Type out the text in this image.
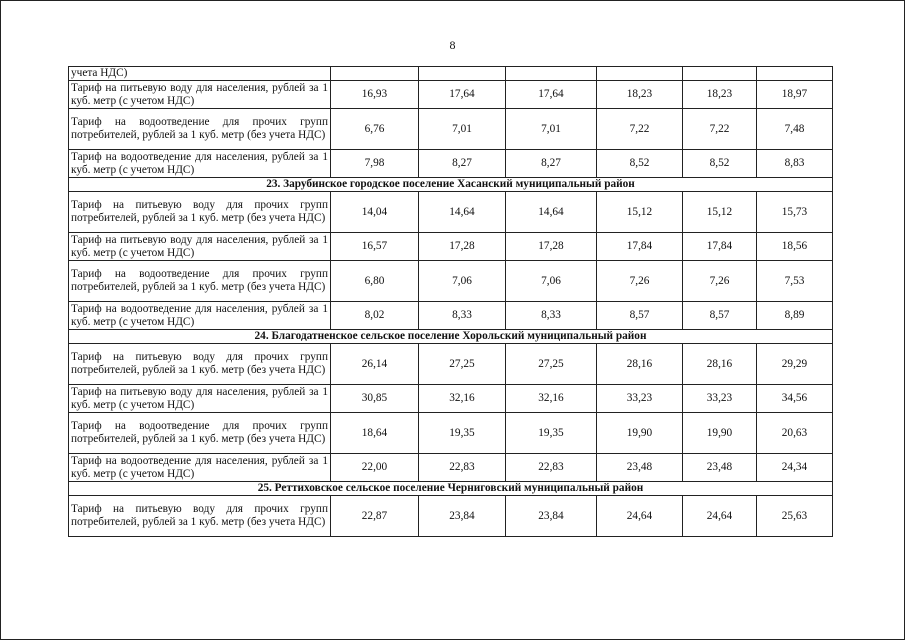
8
учета НДС)						
Тариф на питьевую воду для населения, рублей за 1 куб. метр (с учетом НДС)	16,93	17,64	17,64	18,23	18,23	18,97
Тариф на водоотведение для прочих групп потребителей, рублей за 1 куб. метр (без учета НДС)	6,76	7,01	7,01	7,22	7,22	7,48
Тариф на водоотведение для населения, рублей за 1 куб. метр (с учетом НДС)	7,98	8,27	8,27	8,52	8,52	8,83
23. Зарубинское городское поселение Хасанский муниципальный район						
Тариф на питьевую воду для прочих групп потребителей, рублей за 1 куб. метр (без учета НДС)	14,04	14,64	14,64	15,12	15,12	15,73
Тариф на питьевую воду для населения, рублей за 1 куб. метр (с учетом НДС)	16,57	17,28	17,28	17,84	17,84	18,56
Тариф на водоотведение для прочих групп потребителей, рублей за 1 куб. метр (без учета НДС)	6,80	7,06	7,06	7,26	7,26	7,53
Тариф на водоотведение для населения, рублей за 1 куб. метр (с учетом НДС)	8,02	8,33	8,33	8,57	8,57	8,89
24. Благодатненское сельское поселение Хорольский муниципальный район						
Тариф на питьевую воду для прочих групп потребителей, рублей за 1 куб. метр (без учета НДС)	26,14	27,25	27,25	28,16	28,16	29,29
Тариф на питьевую воду для населения, рублей за 1 куб. метр (с учетом НДС)	30,85	32,16	32,16	33,23	33,23	34,56
Тариф на водоотведение для прочих групп потребителей, рублей за 1 куб. метр (без учета НДС)	18,64	19,35	19,35	19,90	19,90	20,63
Тариф на водоотведение для населения, рублей за 1 куб. метр (с учетом НДС)	22,00	22,83	22,83	23,48	23,48	24,34
25. Реттиховское сельское поселение Черниговский муниципальный район						
Тариф на питьевую воду для прочих групп потребителей, рублей за 1 куб. метр (без учета НДС)	22,87	23,84	23,84	24,64	24,64	25,63
